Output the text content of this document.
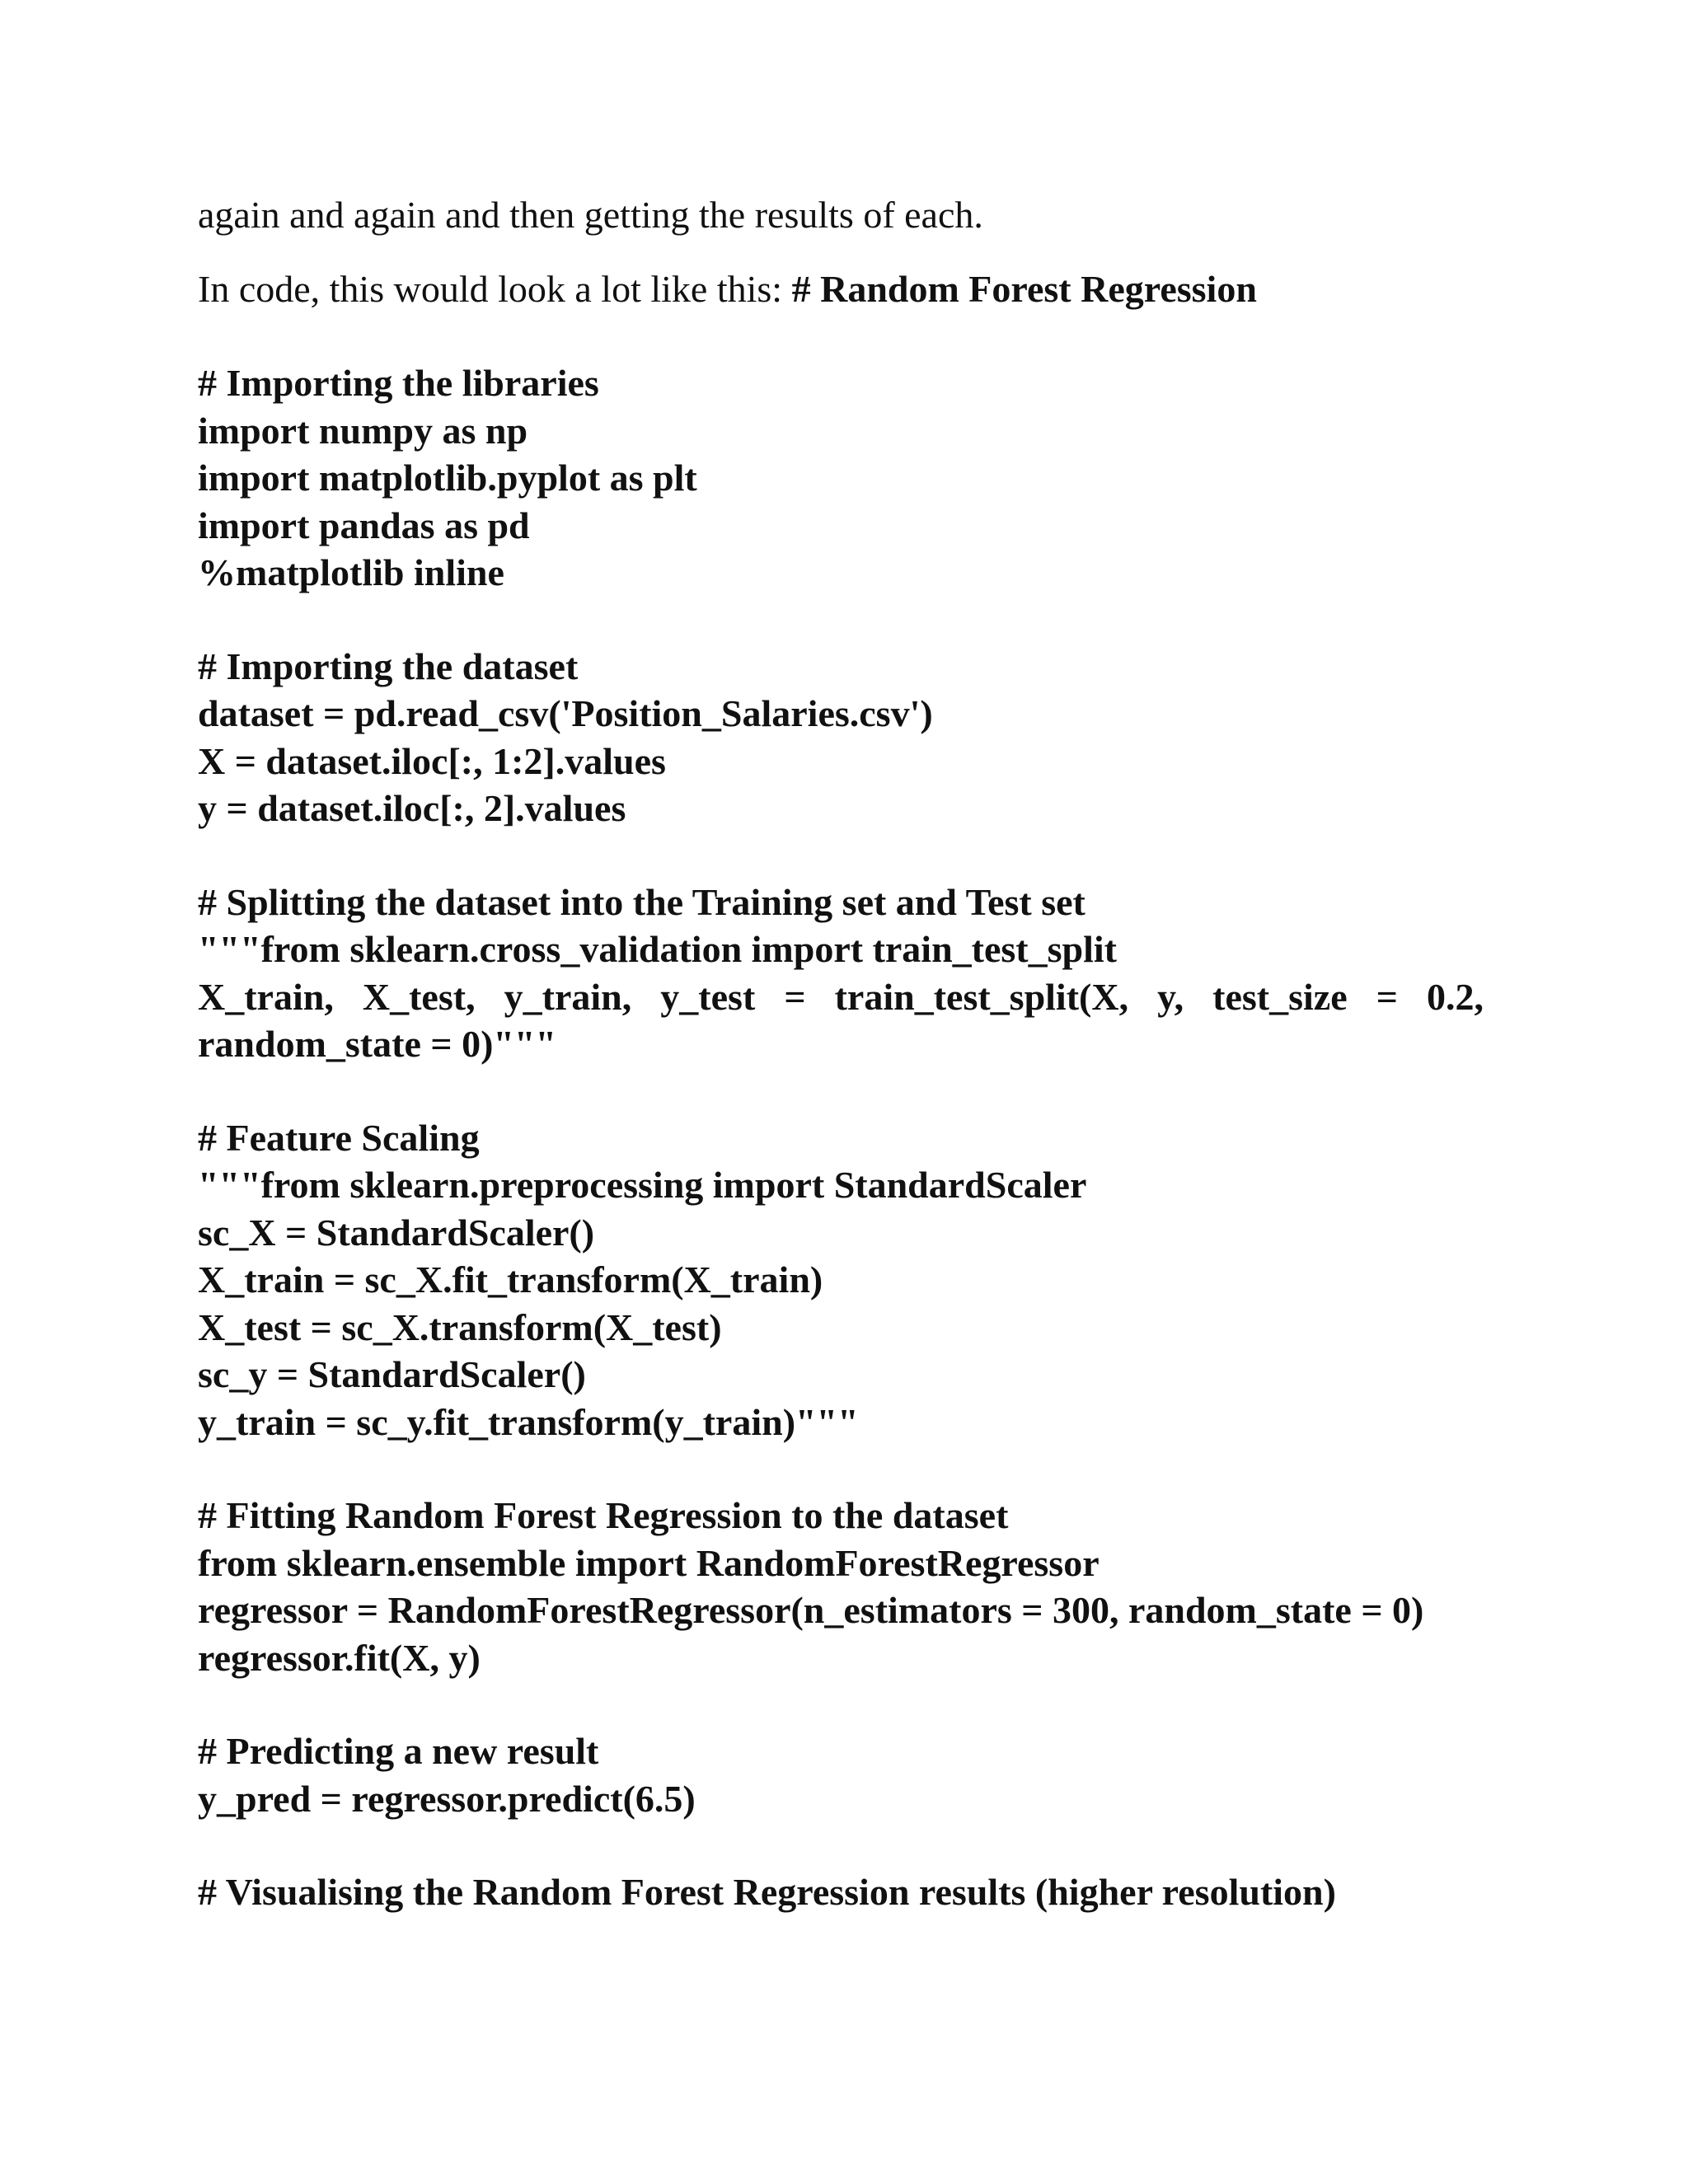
again and again and then getting the results of each.

In code, this would look a lot like this: # Random Forest Regression

# Importing the libraries

import numpy as np

import matplotlib.pyplot as plt

import pandas as pd

%matplotlib inline

# Importing the dataset

dataset = pd.read_csv('Position_Salaries.csv')

X = dataset.iloc[:, 1:2].values

y = dataset.iloc[:, 2].values

# Splitting the dataset into the Training set and Test set

"""from sklearn.cross_validation import train_test_split

X_train, X_test, y_train, y_test = train_test_split(X, y, test_size = 0.2,

random_state = 0)"""

# Feature Scaling

"""from sklearn.preprocessing import StandardScaler

sc_X = StandardScaler()

X_train = sc_X.fit_transform(X_train)

X_test = sc_X.transform(X_test)

sc_y = StandardScaler()

y_train = sc_y.fit_transform(y_train)"""

# Fitting Random Forest Regression to the dataset

from sklearn.ensemble import RandomForestRegressor

regressor = RandomForestRegressor(n_estimators = 300, random_state = 0)

regressor.fit(X, y)

# Predicting a new result

y_pred = regressor.predict(6.5)

# Visualising the Random Forest Regression results (higher resolution)
